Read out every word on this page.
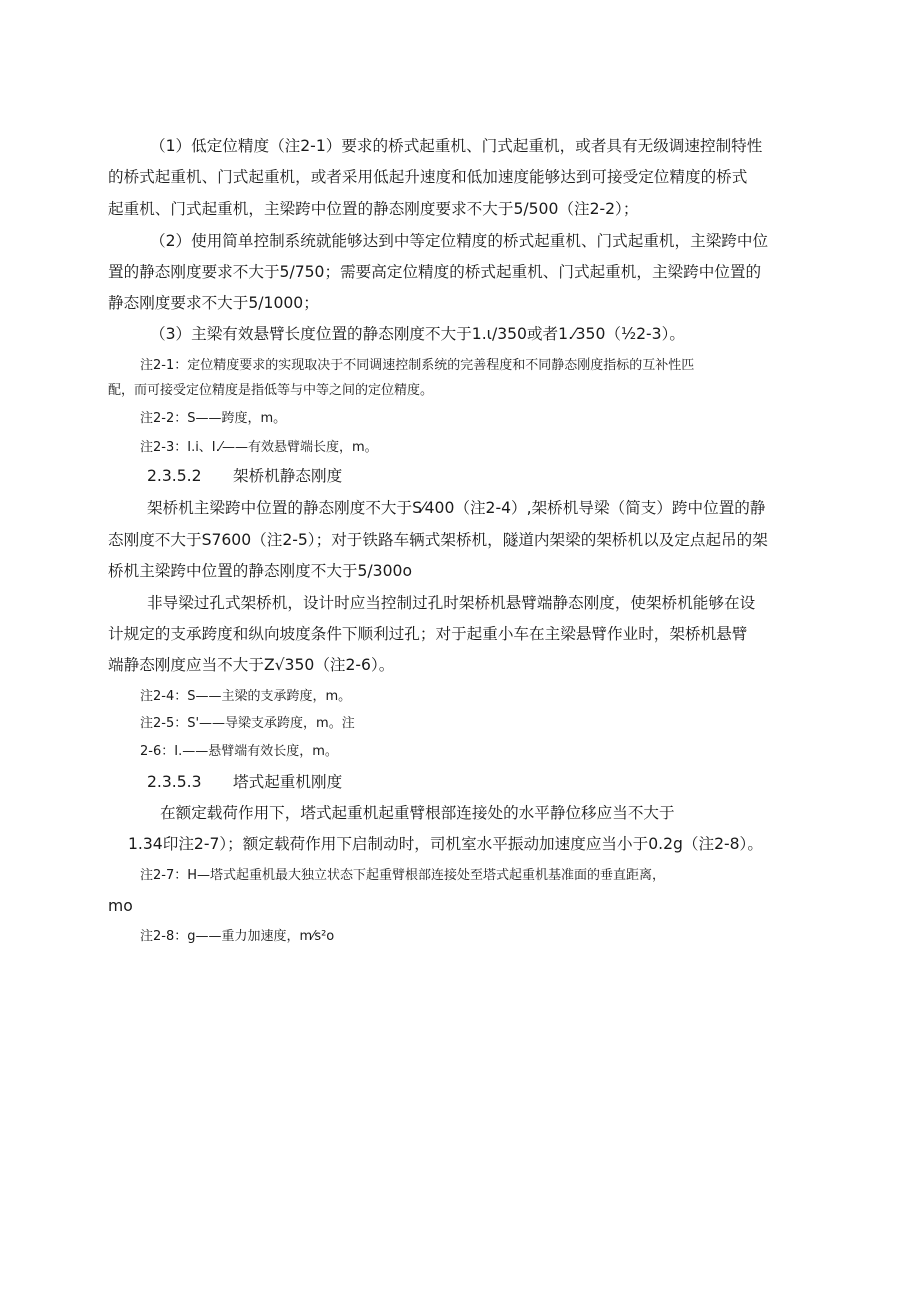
（1）低定位精度（注2-1）要求的桥式起重机、门式起重机，或者具有无级调速控制特性
的桥式起重机、门式起重机，或者采用低起升速度和低加速度能够达到可接受定位精度的桥式
起重机、门式起重机，主梁跨中位置的静态刚度要求不大于5/500（注2-2）；
（2）使用简单控制系统就能够达到中等定位精度的桥式起重机、门式起重机，主梁跨中位
置的静态刚度要求不大于5/750；需要高定位精度的桥式起重机、门式起重机，主梁跨中位置的
静态刚度要求不大于5/1000；
（3）主梁有效悬臂长度位置的静态刚度不大于1.ι/350或者1.⁄350（½2-3）。
注2-1：定位精度要求的实现取决于不同调速控制系统的完善程度和不同静态刚度指标的互补性匹
配，而可接受定位精度是指低等与中等之间的定位精度。
注2-2：S——跨度，m。
注2-3：I.i、I.⁄——有效悬臂端长度，m。
2.3.5.2 架桥机静态刚度
架桥机主梁跨中位置的静态刚度不大于S⁄400（注2-4）,架桥机导梁（简支）跨中位置的静
态刚度不大于S7600（注2-5）；对于铁路车辆式架桥机，隧道内架梁的架桥机以及定点起吊的架
桥机主梁跨中位置的静态刚度不大于5/300o
非导梁过孔式架桥机，设计时应当控制过孔时架桥机悬臂端静态刚度，使架桥机能够在设
计规定的支承跨度和纵向坡度条件下顺利过孔；对于起重小车在主梁悬臂作业时，架桥机悬臂
端静态刚度应当不大于Z√350（注2-6）。
注2-4：S——主梁的支承跨度，m。
注2-5：S'——导梁支承跨度，m。注
2-6：I.——悬臂端有效长度，m。
2.3.5.3 塔式起重机刚度
在额定载荷作用下，塔式起重机起重臂根部连接处的水平静位移应当不大于
1.34印注2-7）；额定载荷作用下启制动时，司机室水平振动加速度应当小于0.2g（注2-8）。
注2-7：H—塔式起重机最大独立状态下起重臂根部连接处至塔式起重机基准面的垂直距离，
mo
注2-8：g——重力加速度，m⁄s²o
